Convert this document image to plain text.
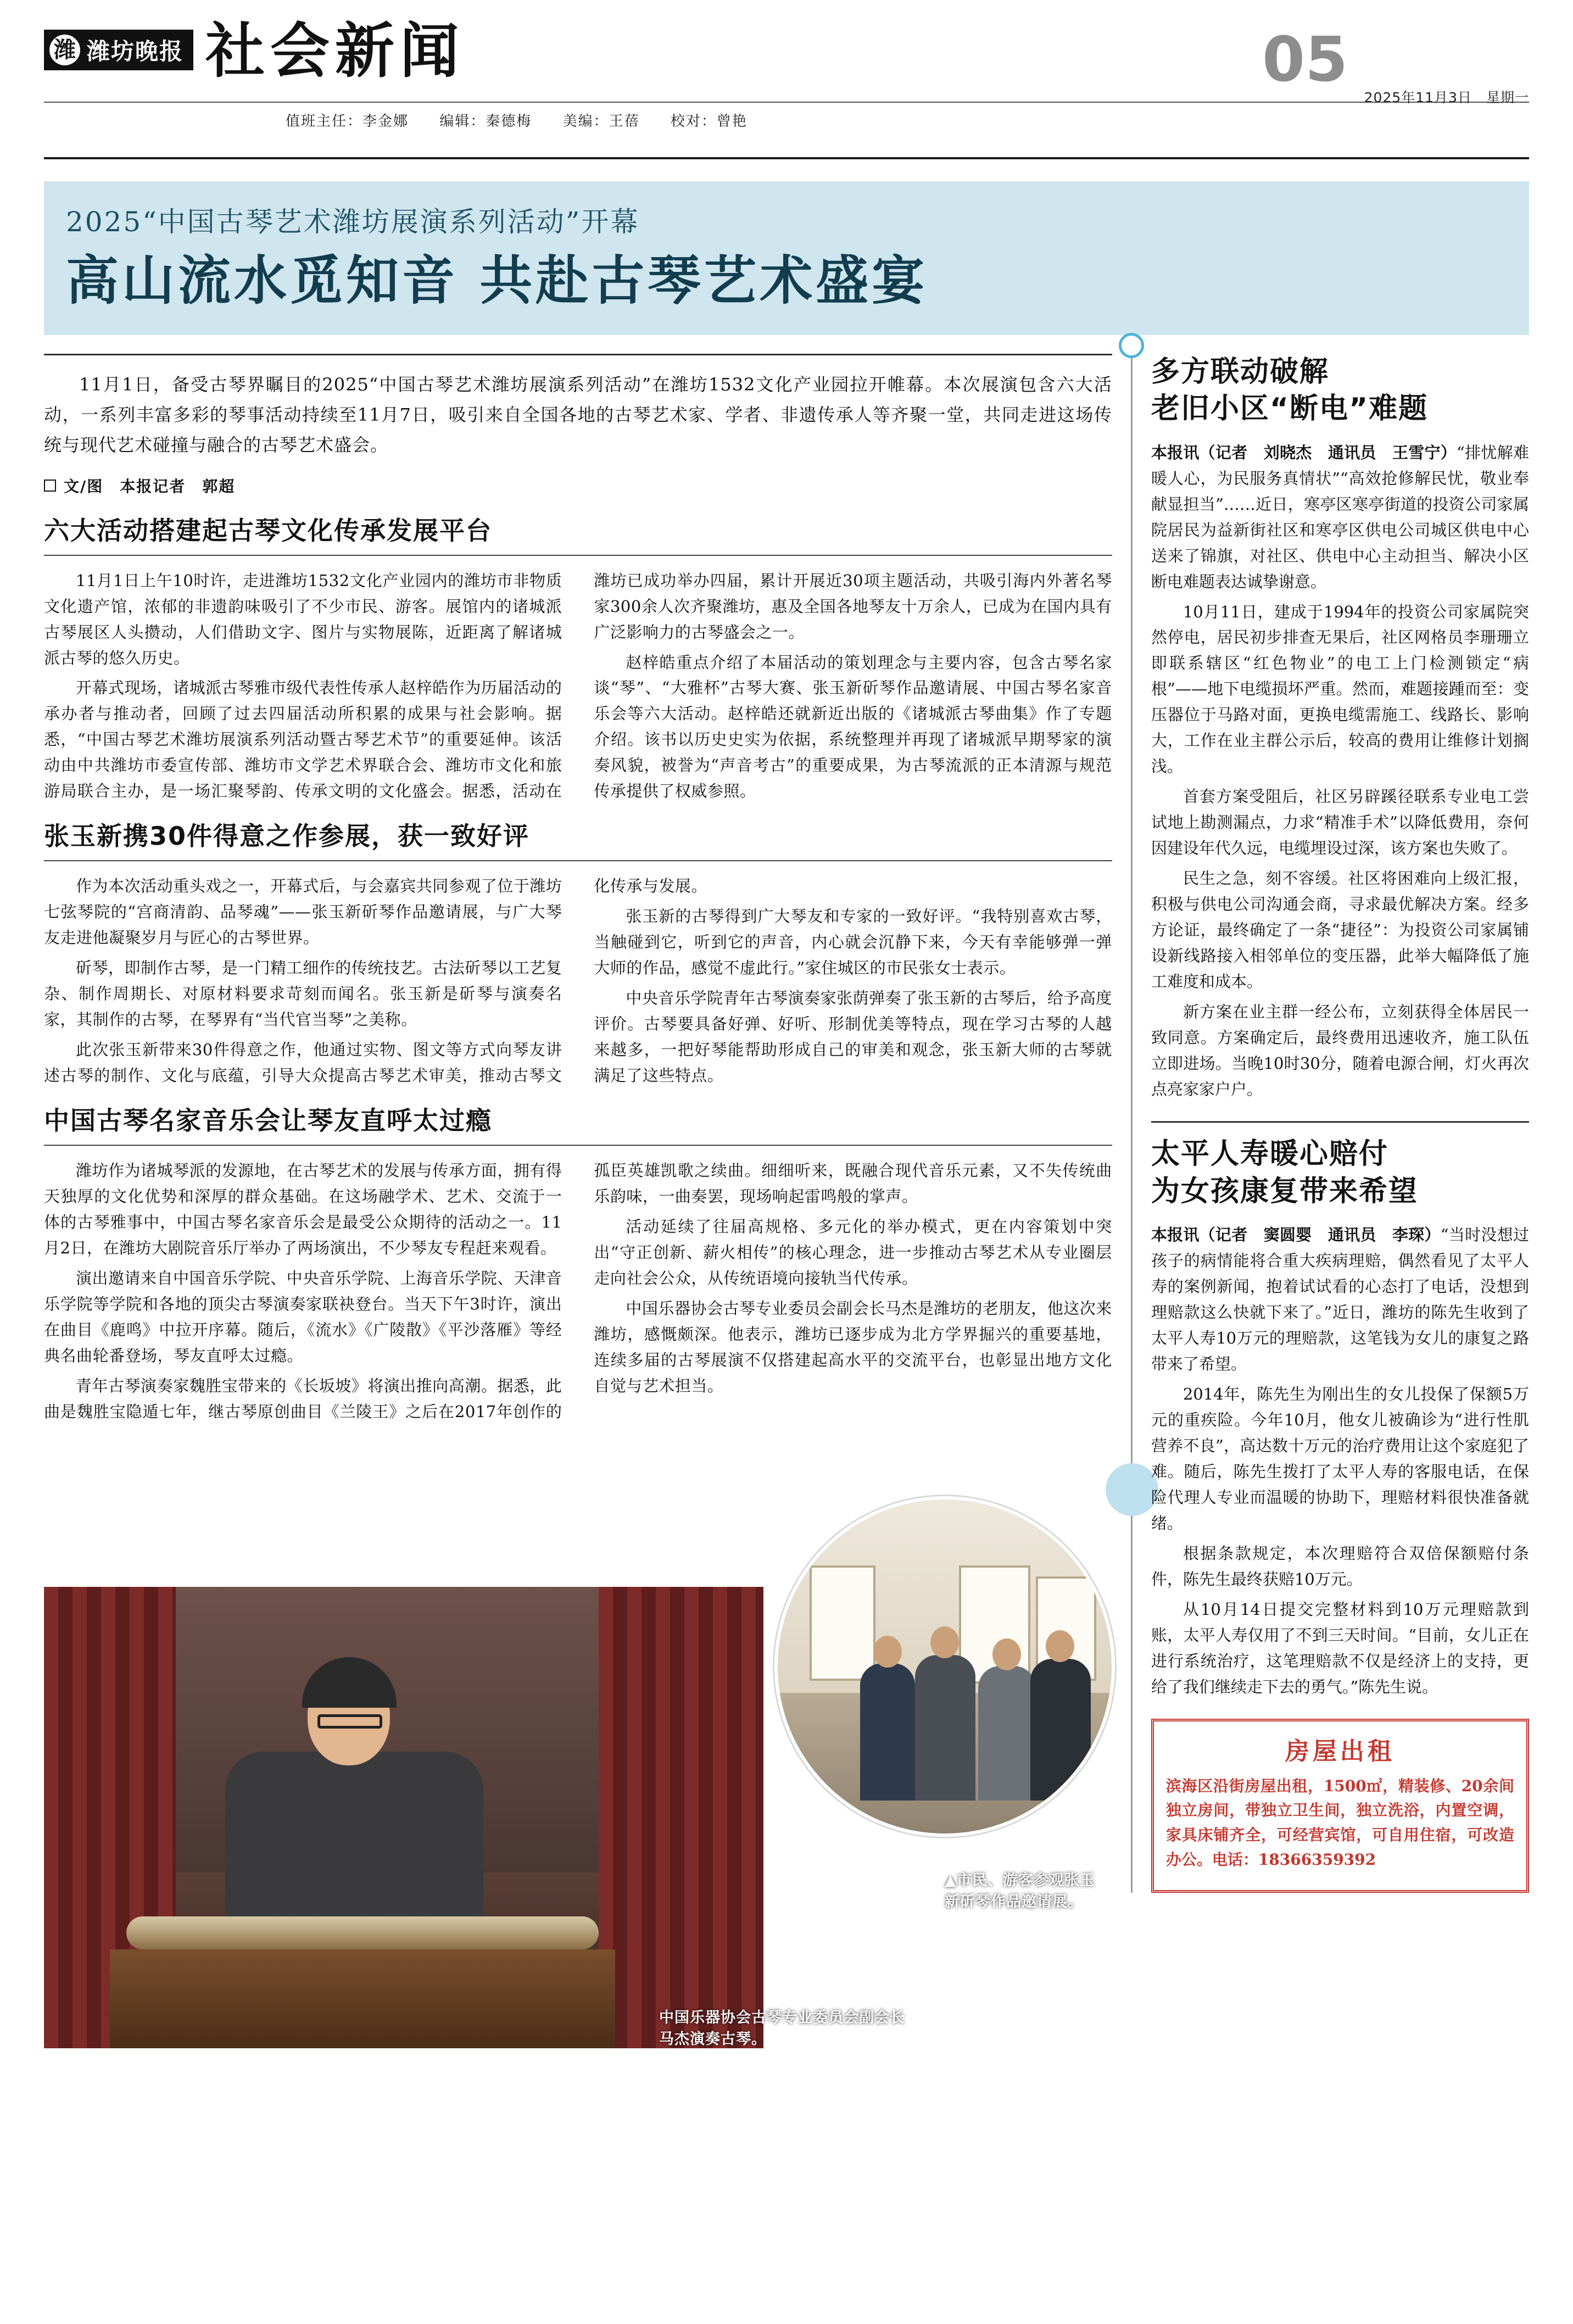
潍 潍坊晚报 社会新闻	05
2025年11月3日　星期一
值班主任：李金娜 编辑：秦德梅 美编：王蓓 校对：曾艳
2025“中国古琴艺术潍坊展演系列活动”开幕
高山流水觅知音 共赴古琴艺术盛宴
11月1日，备受古琴界瞩目的2025“中国古琴艺术潍坊展演系列活动”在潍坊1532文化产业园拉开帷幕。本次展演包含六大活动，一系列丰富多彩的琴事活动持续至11月7日，吸引来自全国各地的古琴艺术家、学者、非遗传承人等齐聚一堂，共同走进这场传统与现代艺术碰撞与融合的古琴艺术盛会。
文/图　本报记者　郭超
六大活动搭建起古琴文化传承发展平台

11月1日上午10时许，走进潍坊1532文化产业园内的潍坊市非物质文化遗产馆，浓郁的非遗韵味吸引了不少市民、游客。展馆内的诸城派古琴展区人头攒动，人们借助文字、图片与实物展陈，近距离了解诸城派古琴的悠久历史。

开幕式现场，诸城派古琴雅市级代表性传承人赵梓皓作为历届活动的承办者与推动者，回顾了过去四届活动所积累的成果与社会影响。据悉，“中国古琴艺术潍坊展演系列活动暨古琴艺术节”的重要延伸。该活动由中共潍坊市委宣传部、潍坊市文学艺术界联合会、潍坊市文化和旅游局联合主办，是一场汇聚琴韵、传承文明的文化盛会。据悉，活动在潍坊已成功举办四届，累计开展近30项主题活动，共吸引海内外著名琴家300余人次齐聚潍坊，惠及全国各地琴友十万余人，已成为在国内具有广泛影响力的古琴盛会之一。

赵梓皓重点介绍了本届活动的策划理念与主要内容，包含古琴名家谈“琴”、“大雅杯”古琴大赛、张玉新斫琴作品邀请展、中国古琴名家音乐会等六大活动。赵梓皓还就新近出版的《诸城派古琴曲集》作了专题介绍。该书以历史史实为依据，系统整理并再现了诸城派早期琴家的演奏风貌，被誉为“声音考古”的重要成果，为古琴流派的正本清源与规范传承提供了权威参照。

张玉新携30件得意之作参展，获一致好评

作为本次活动重头戏之一，开幕式后，与会嘉宾共同参观了位于潍坊七弦琴院的“宫商清韵、品琴魂”——张玉新斫琴作品邀请展，与广大琴友走进他凝聚岁月与匠心的古琴世界。

斫琴，即制作古琴，是一门精工细作的传统技艺。古法斫琴以工艺复杂、制作周期长、对原材料要求苛刻而闻名。张玉新是斫琴与演奏名家，其制作的古琴，在琴界有“当代官当琴”之美称。

此次张玉新带来30件得意之作，他通过实物、图文等方式向琴友讲述古琴的制作、文化与底蕴，引导大众提高古琴艺术审美，推动古琴文化传承与发展。

张玉新的古琴得到广大琴友和专家的一致好评。“我特别喜欢古琴，当触碰到它，听到它的声音，内心就会沉静下来，今天有幸能够弹一弹大师的作品，感觉不虚此行。”家住城区的市民张女士表示。

中央音乐学院青年古琴演奏家张荫弹奏了张玉新的古琴后，给予高度评价。古琴要具备好弹、好听、形制优美等特点，现在学习古琴的人越来越多，一把好琴能帮助形成自己的审美和观念，张玉新大师的古琴就满足了这些特点。

中国古琴名家音乐会让琴友直呼太过瘾

潍坊作为诸城琴派的发源地，在古琴艺术的发展与传承方面，拥有得天独厚的文化优势和深厚的群众基础。在这场融学术、艺术、交流于一体的古琴雅事中，中国古琴名家音乐会是最受公众期待的活动之一。11月2日，在潍坊大剧院音乐厅举办了两场演出，不少琴友专程赶来观看。

演出邀请来自中国音乐学院、中央音乐学院、上海音乐学院、天津音乐学院等学院和各地的顶尖古琴演奏家联袂登台。当天下午3时许，演出在曲目《鹿鸣》中拉开序幕。随后，《流水》《广陵散》《平沙落雁》等经典名曲轮番登场，琴友直呼太过瘾。

青年古琴演奏家魏胜宝带来的《长坂坡》将演出推向高潮。据悉，此曲是魏胜宝隐遁七年，继古琴原创曲目《兰陵王》之后在2017年创作的孤臣英雄凯歌之续曲。细细听来，既融合现代音乐元素，又不失传统曲乐韵味，一曲奏罢，现场响起雷鸣般的掌声。

活动延续了往届高规格、多元化的举办模式，更在内容策划中突出“守正创新、薪火相传”的核心理念，进一步推动古琴艺术从专业圈层走向社会公众，从传统语境向接轨当代传承。

中国乐器协会古琴专业委员会副会长马杰是潍坊的老朋友，他这次来潍坊，感慨颇深。他表示，潍坊已逐步成为北方学界掘兴的重要基地，连续多届的古琴展演不仅搭建起高水平的交流平台，也彰显出地方文化自觉与艺术担当。

中国乐器协会古琴专业委员会副会长马杰演奏古琴。
▲市民、游客参观张玉新斫琴作品邀请展。
多方联动破解
老旧小区“断电”难题

本报讯（记者　刘晓杰　通讯员　王雪宁）“排忧解难暖人心，为民服务真情状”“高效抢修解民忧，敬业奉献显担当”……近日，寒亭区寒亭街道的投资公司家属院居民为益新街社区和寒亭区供电公司城区供电中心送来了锦旗，对社区、供电中心主动担当、解决小区断电难题表达诚挚谢意。

10月11日，建成于1994年的投资公司家属院突然停电，居民初步排查无果后，社区网格员李珊珊立即联系辖区“红色物业”的电工上门检测锁定“病根”——地下电缆损坏严重。然而，难题接踵而至：变压器位于马路对面，更换电缆需施工、线路长、影响大，工作在业主群公示后，较高的费用让维修计划搁浅。

首套方案受阻后，社区另辟蹊径联系专业电工尝试地上勘测漏点，力求“精准手术”以降低费用，奈何因建设年代久远，电缆埋设过深，该方案也失败了。

民生之急，刻不容缓。社区将困难向上级汇报，积极与供电公司沟通会商，寻求最优解决方案。经多方论证，最终确定了一条“捷径”：为投资公司家属铺设新线路接入相邻单位的变压器，此举大幅降低了施工难度和成本。

新方案在业主群一经公布，立刻获得全体居民一致同意。方案确定后，最终费用迅速收齐，施工队伍立即进场。当晚10时30分，随着电源合闸，灯火再次点亮家家户户。

太平人寿暖心赔付
为女孩康复带来希望

本报讯（记者　窦圆婴　通讯员　李琛）“当时没想过孩子的病情能将合重大疾病理赔，偶然看见了太平人寿的案例新闻，抱着试试看的心态打了电话，没想到理赔款这么快就下来了。”近日，潍坊的陈先生收到了太平人寿10万元的理赔款，这笔钱为女儿的康复之路带来了希望。

2014年，陈先生为刚出生的女儿投保了保额5万元的重疾险。今年10月，他女儿被确诊为“进行性肌营养不良”，高达数十万元的治疗费用让这个家庭犯了难。随后，陈先生拨打了太平人寿的客服电话，在保险代理人专业而温暖的协助下，理赔材料很快准备就绪。

根据条款规定，本次理赔符合双倍保额赔付条件，陈先生最终获赔10万元。

从10月14日提交完整材料到10万元理赔款到账，太平人寿仅用了不到三天时间。“目前，女儿正在进行系统治疗，这笔理赔款不仅是经济上的支持，更给了我们继续走下去的勇气。”陈先生说。

房屋出租

滨海区沿街房屋出租，1500㎡，精装修、20余间独立房间，带独立卫生间，独立洗浴，内置空调，家具床铺齐全，可经营宾馆，可自用住宿，可改造办公。电话：18366359392
